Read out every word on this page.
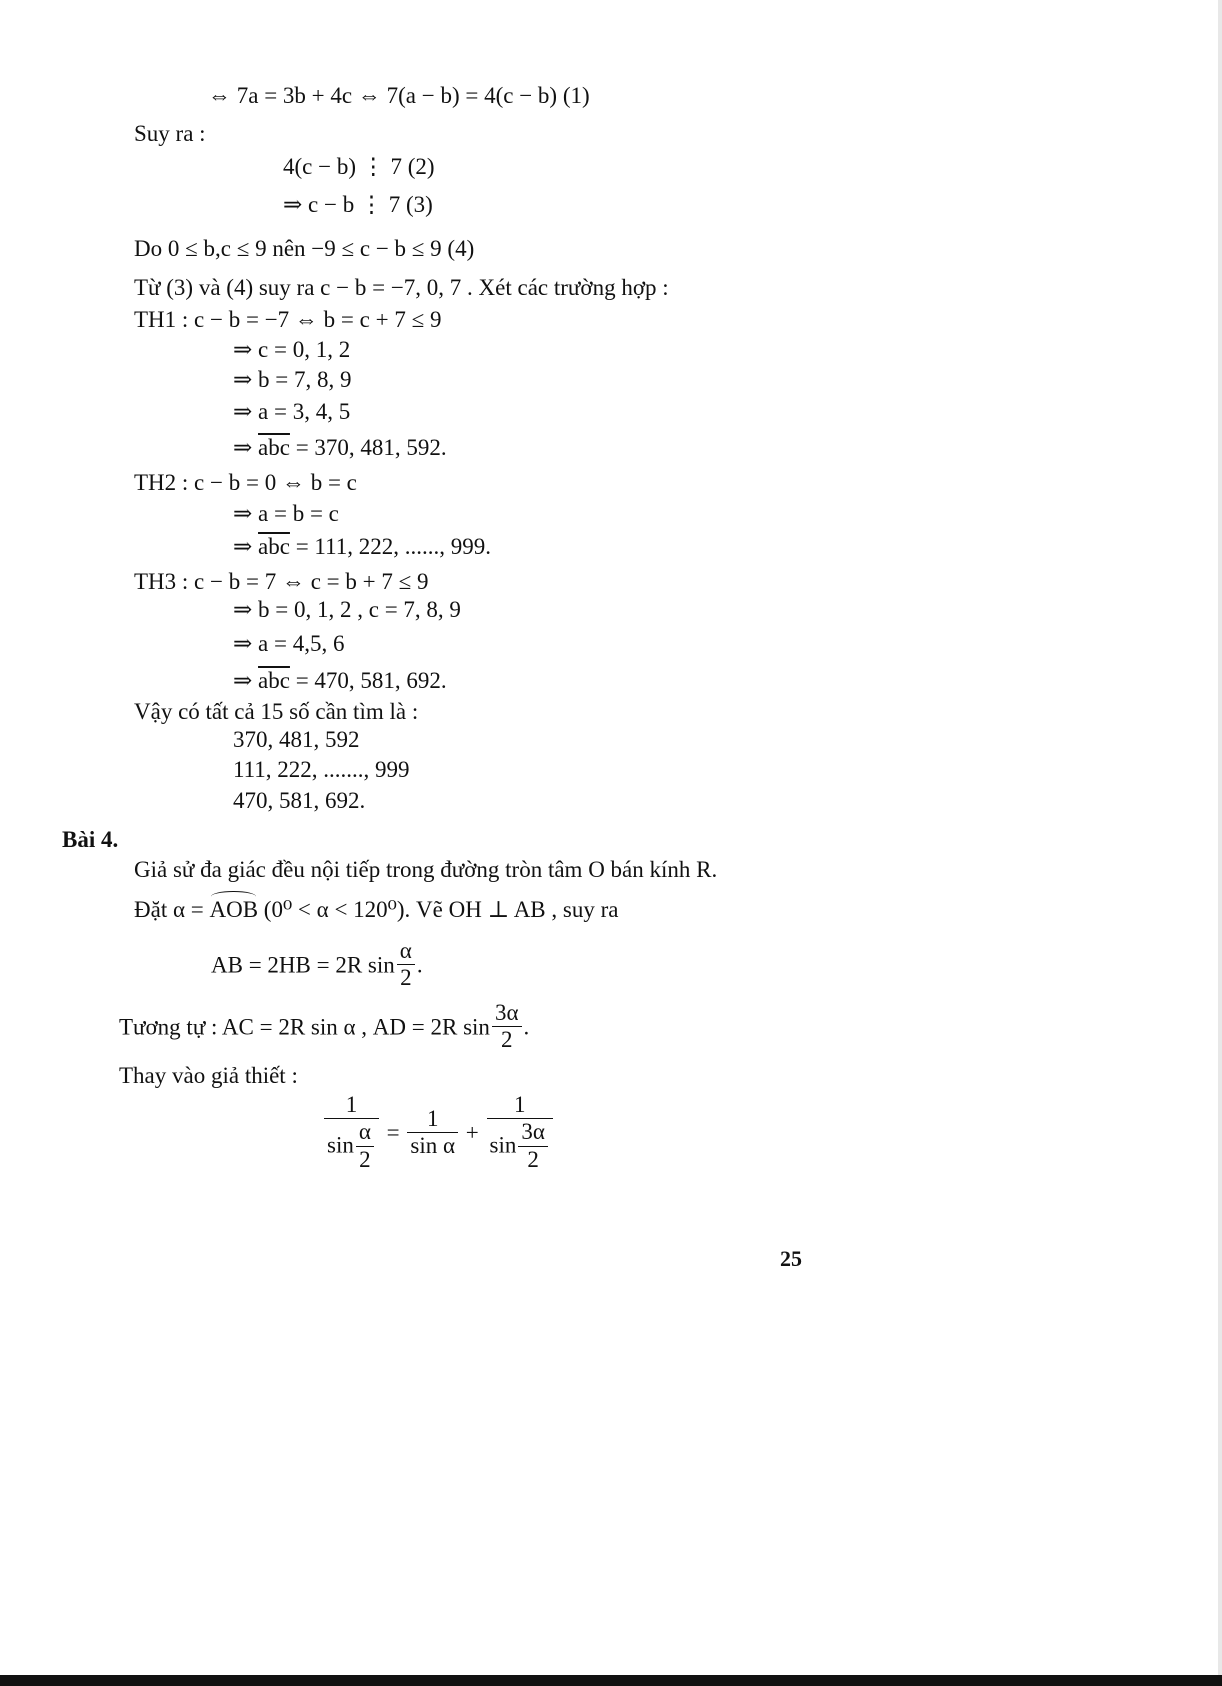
⇔ 7a = 3b + 4c ⇔ 7(a − b) = 4(c − b) (1)
Suy ra :
4(c − b) ⋮ 7 (2)
⇒ c − b ⋮ 7 (3)
Do 0 ≤ b,c ≤ 9 nên −9 ≤ c − b ≤ 9 (4)
Từ (3) và (4) suy ra c − b = −7, 0, 7 . Xét các trường hợp :
TH1 : c − b = −7 ⇔ b = c + 7 ≤ 9
⇒ c = 0, 1, 2
⇒ b = 7, 8, 9
⇒ a = 3, 4, 5
⇒ $\overline{abc} = 370$, 481, 592.
TH2 : c − b = 0 ⇔ b = c
⇒ a = b = c
⇒ $\overline{abc} = 111$, 222, ......, 999.
TH3 : c − b = 7 ⇔ c = b + 7 ≤ 9
⇒ b = 0, 1, 2 , c = 7, 8, 9
⇒ a = 4,5, 6
⇒ $\overline{abc} = 470$, 581, 692.
Vậy có tất cả 15 số cần tìm là :
370, 481, 592
111, 222, ......., 999
470, 581, 692.
Bài 4.
Giả sử đa giác đều nội tiếp trong đường tròn tâm O bán kính R.
Đặt α = AOB (0⁰ < α < 120⁰). Vẽ OH ⊥ AB , suy ra
AB = 2HB = 2R $\sin \frac{\alpha}{2}$ .
Tương tự : AC = 2R sin α , AD = 2R $\sin \frac{3\alpha}{2}$ .
Thay vào giả thiết :
$\frac{1}{\sin \frac{\alpha}{2}} = \frac{1}{\text{sin α}} + \frac{1}{\sin \frac{3\alpha}{2}}$
25
